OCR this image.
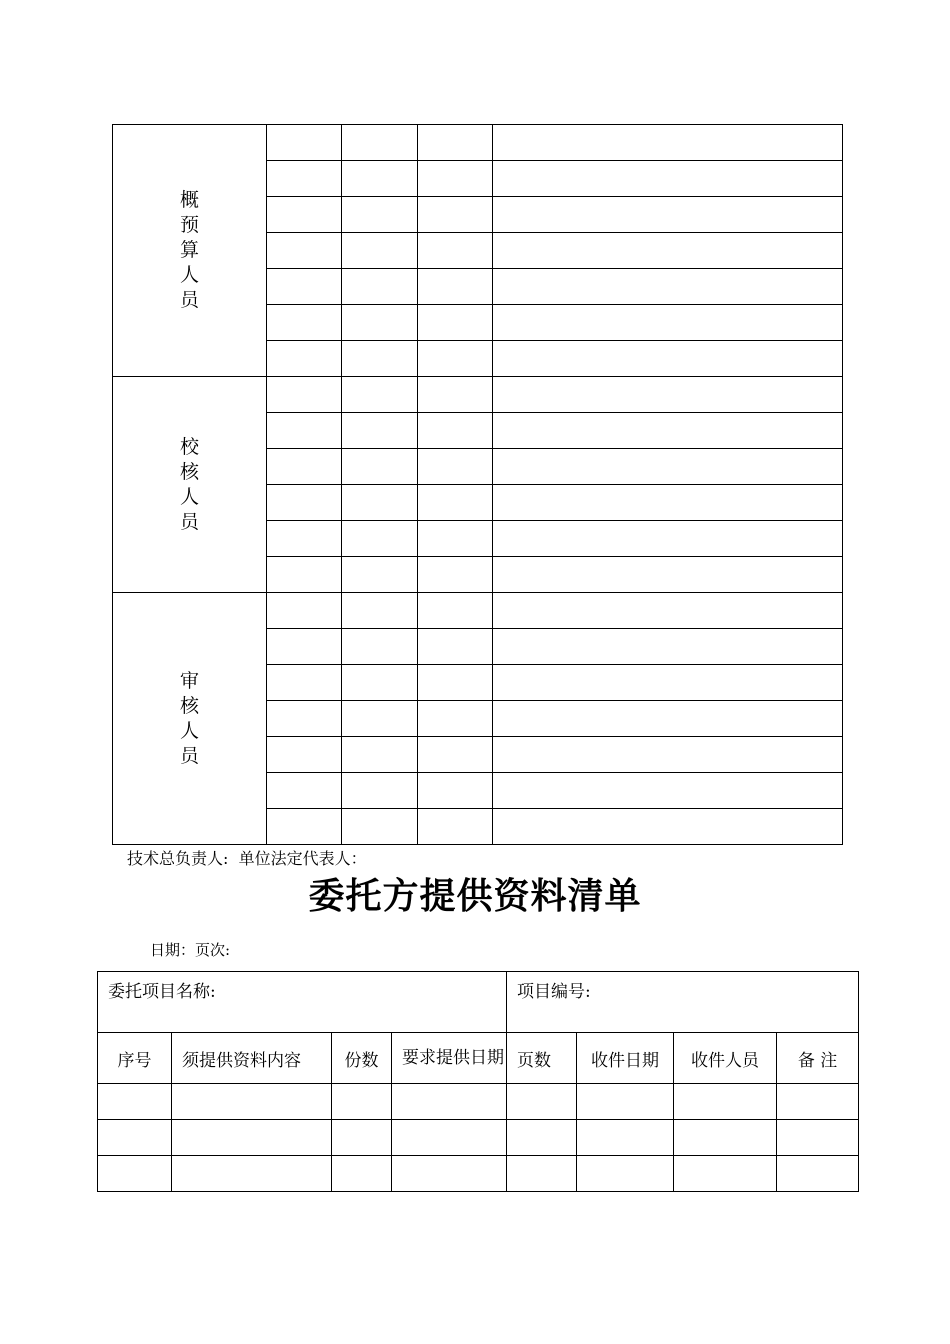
概预算人员				

校核人员				

审核人员				

技术总负责人:  单位法定代表人：
委托方提供资料清单
日期：页次:
委托项目名称:				项目编号:			

序号	须提供资料内容	份数	要求提供日期	页数	收件日期	收件人员	备 注
